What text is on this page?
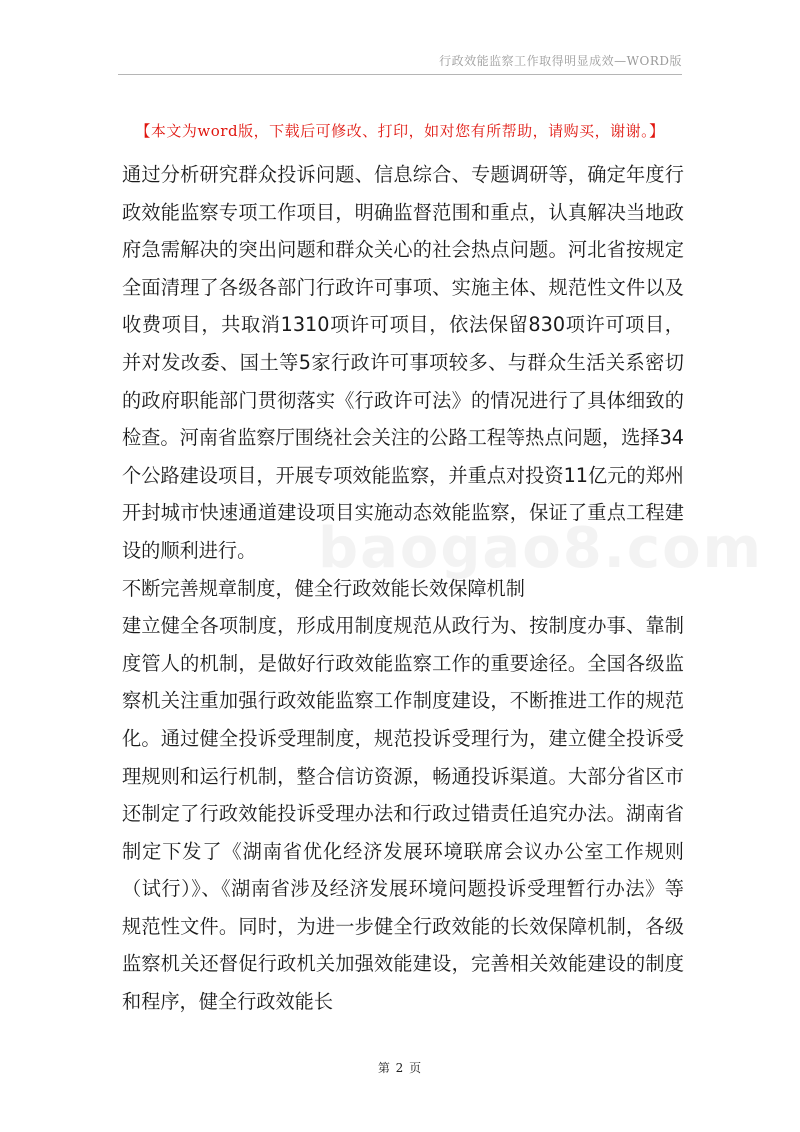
行政效能监察工作取得明显成效—WORD版
【本文为word版，下载后可修改、打印，如对您有所帮助，请购买，谢谢。】
baogao8.com

通过分析研究群众投诉问题、信息综合、专题调研等，确定年度行政效能监察专项工作项目，明确监督范围和重点，认真解决当地政府急需解决的突出问题和群众关心的社会热点问题。河北省按规定全面清理了各级各部门行政许可事项、实施主体、规范性文件以及收费项目，共取消1310项许可项目，依法保留830项许可项目，并对发改委、国土等5家行政许可事项较多、与群众生活关系密切的政府职能部门贯彻落实《行政许可法》的情况进行了具体细致的检查。河南省监察厅围绕社会关注的公路工程等热点问题，选择34个公路建设项目，开展专项效能监察，并重点对投资11亿元的郑州开封城市快速通道建设项目实施动态效能监察，保证了重点工程建设的顺利进行。

不断完善规章制度，健全行政效能长效保障机制

建立健全各项制度，形成用制度规范从政行为、按制度办事、靠制度管人的机制，是做好行政效能监察工作的重要途径。全国各级监察机关注重加强行政效能监察工作制度建设，不断推进工作的规范化。通过健全投诉受理制度，规范投诉受理行为，建立健全投诉受理规则和运行机制，整合信访资源，畅通投诉渠道。大部分省区市还制定了行政效能投诉受理办法和行政过错责任追究办法。湖南省制定下发了《湖南省优化经济发展环境联席会议办公室工作规则（试行）》、《湖南省涉及经济发展环境问题投诉受理暂行办法》等规范性文件。同时，为进一步健全行政效能的长效保障机制，各级监察机关还督促行政机关加强效能建设，完善相关效能建设的制度和程序，健全行政效能长

第 2 页
